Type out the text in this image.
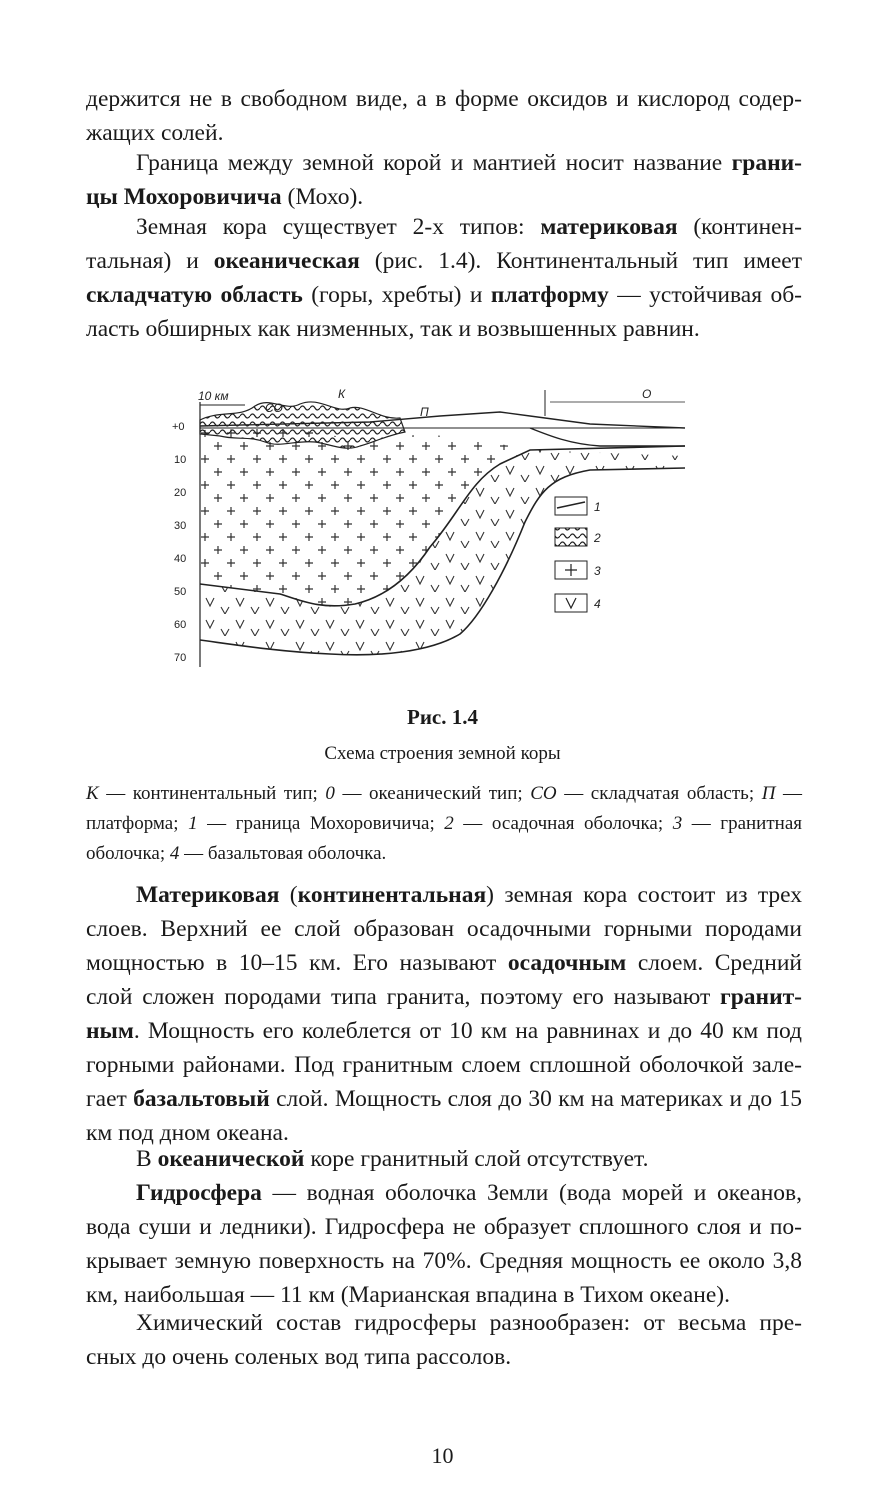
держится не в свободном виде, а в форме оксидов и кислород содер-жащих солей.

Граница между земной корой и мантией носит название грани-цы Мохоровичича (Мохо).

Земная кора существует 2-х типов: материковая (континен-тальная) и океаническая (рис. 1.4). Континентальный тип имеет складчатую область (горы, хребты) и платформу — устойчивая об-ласть обширных как низменных, так и возвышенных равнин.

+0
10
20
30
40
50
60
70
10 км	К
СО	П
О
1
2
3
4

Рис. 1.4

Схема строения земной коры

К — континентальный тип; 0 — океанический тип; СО — складчатая область; П — платформа; 1 — граница Мохоровичича; 2 — осадочная оболочка; 3 — гранитная оболочка; 4 — базальтовая оболочка.

Материковая (континентальная) земная кора состоит из трех слоев. Верхний ее слой образован осадочными горными породами мощностью в 10–15 км. Его называют осадочным слоем. Средний слой сложен породами типа гранита, поэтому его называют гранит-ным. Мощность его колеблется от 10 км на равнинах и до 40 км под горными районами. Под гранитным слоем сплошной оболочкой зале-гает базальтовый слой. Мощность слоя до 30 км на материках и до 15 км под дном океана.

В океанической коре гранитный слой отсутствует.

Гидросфера — водная оболочка Земли (вода морей и океанов, вода суши и ледники). Гидросфера не образует сплошного слоя и по-крывает земную поверхность на 70%. Средняя мощность ее около 3,8 км, наибольшая — 11 км (Марианская впадина в Тихом океане).

Химический состав гидросферы разнообразен: от весьма пре-сных до очень соленых вод типа рассолов.

10
